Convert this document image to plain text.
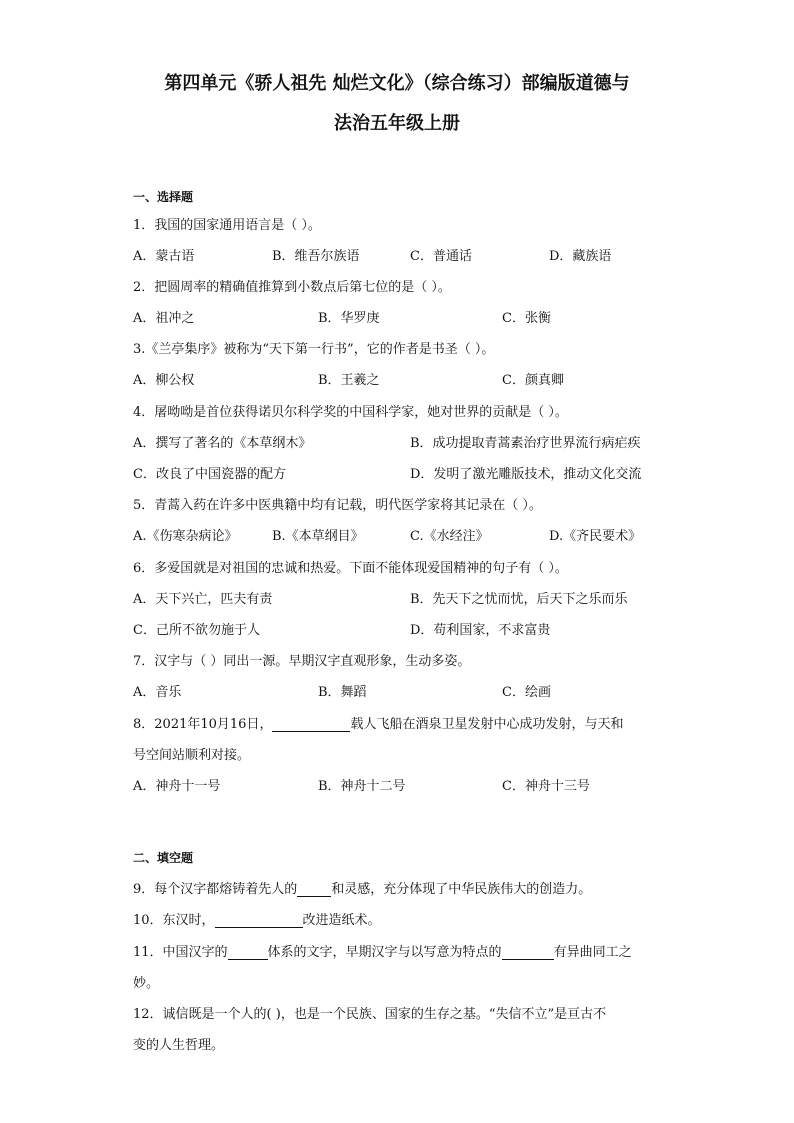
第四单元《骄人祖先 灿烂文化》（综合练习）部编版道德与
法治五年级上册
一、选择题
1．我国的国家通用语言是（ ）。
A．蒙古语	B．维吾尔族语	C．普通话	D．藏族语
2．把圆周率的精确值推算到小数点后第七位的是（ ）。
A．祖冲之	B．华罗庚	C．张衡
3.《兰亭集序》被称为“天下第一行书”，它的作者是书圣（ ）。
A．柳公权	B．王羲之	C．颜真卿
4．屠呦呦是首位获得诺贝尔科学奖的中国科学家，她对世界的贡献是（ ）。
A．撰写了著名的《本草纲木》	B．成功提取青蒿素治疗世界流行病疟疾
C．改良了中国瓷器的配方	D．发明了激光雕版技术，推动文化交流
5．青蒿入药在许多中医典籍中均有记载，明代医学家将其记录在（ ）。
A.《伤寒杂病论》	B.《本草纲目》	C.《水经注》	D.《齐民要术》
6．多爱国就是对祖国的忠诚和热爱。下面不能体现爱国精神的句子有（ ）。
A．天下兴亡，匹夫有责	B．先天下之忧而忧，后天下之乐而乐
C．己所不欲勿施于人	D．苟利国家，不求富贵
7．汉字与（ ）同出一源。早期汉字直观形象，生动多姿。
A．音乐	B．舞蹈	C．绘画
8．2021年10月16日，	载人飞船在酒泉卫星发射中心成功发射，与天和
号空间站顺利对接。
A．神舟十一号	B．神舟十二号	C．神舟十三号
二、填空题
9．每个汉字都熔铸着先人的	和灵感，充分体现了中华民族伟大的创造力。
10．东汉时，	改进造纸术。
11．中国汉字的	体系的文字，早期汉字与以写意为特点的	有异曲同工之
妙。
12．诚信既是一个人的( )，也是一个民族、国家的生存之基。“失信不立”是亘古不
变的人生哲理。
